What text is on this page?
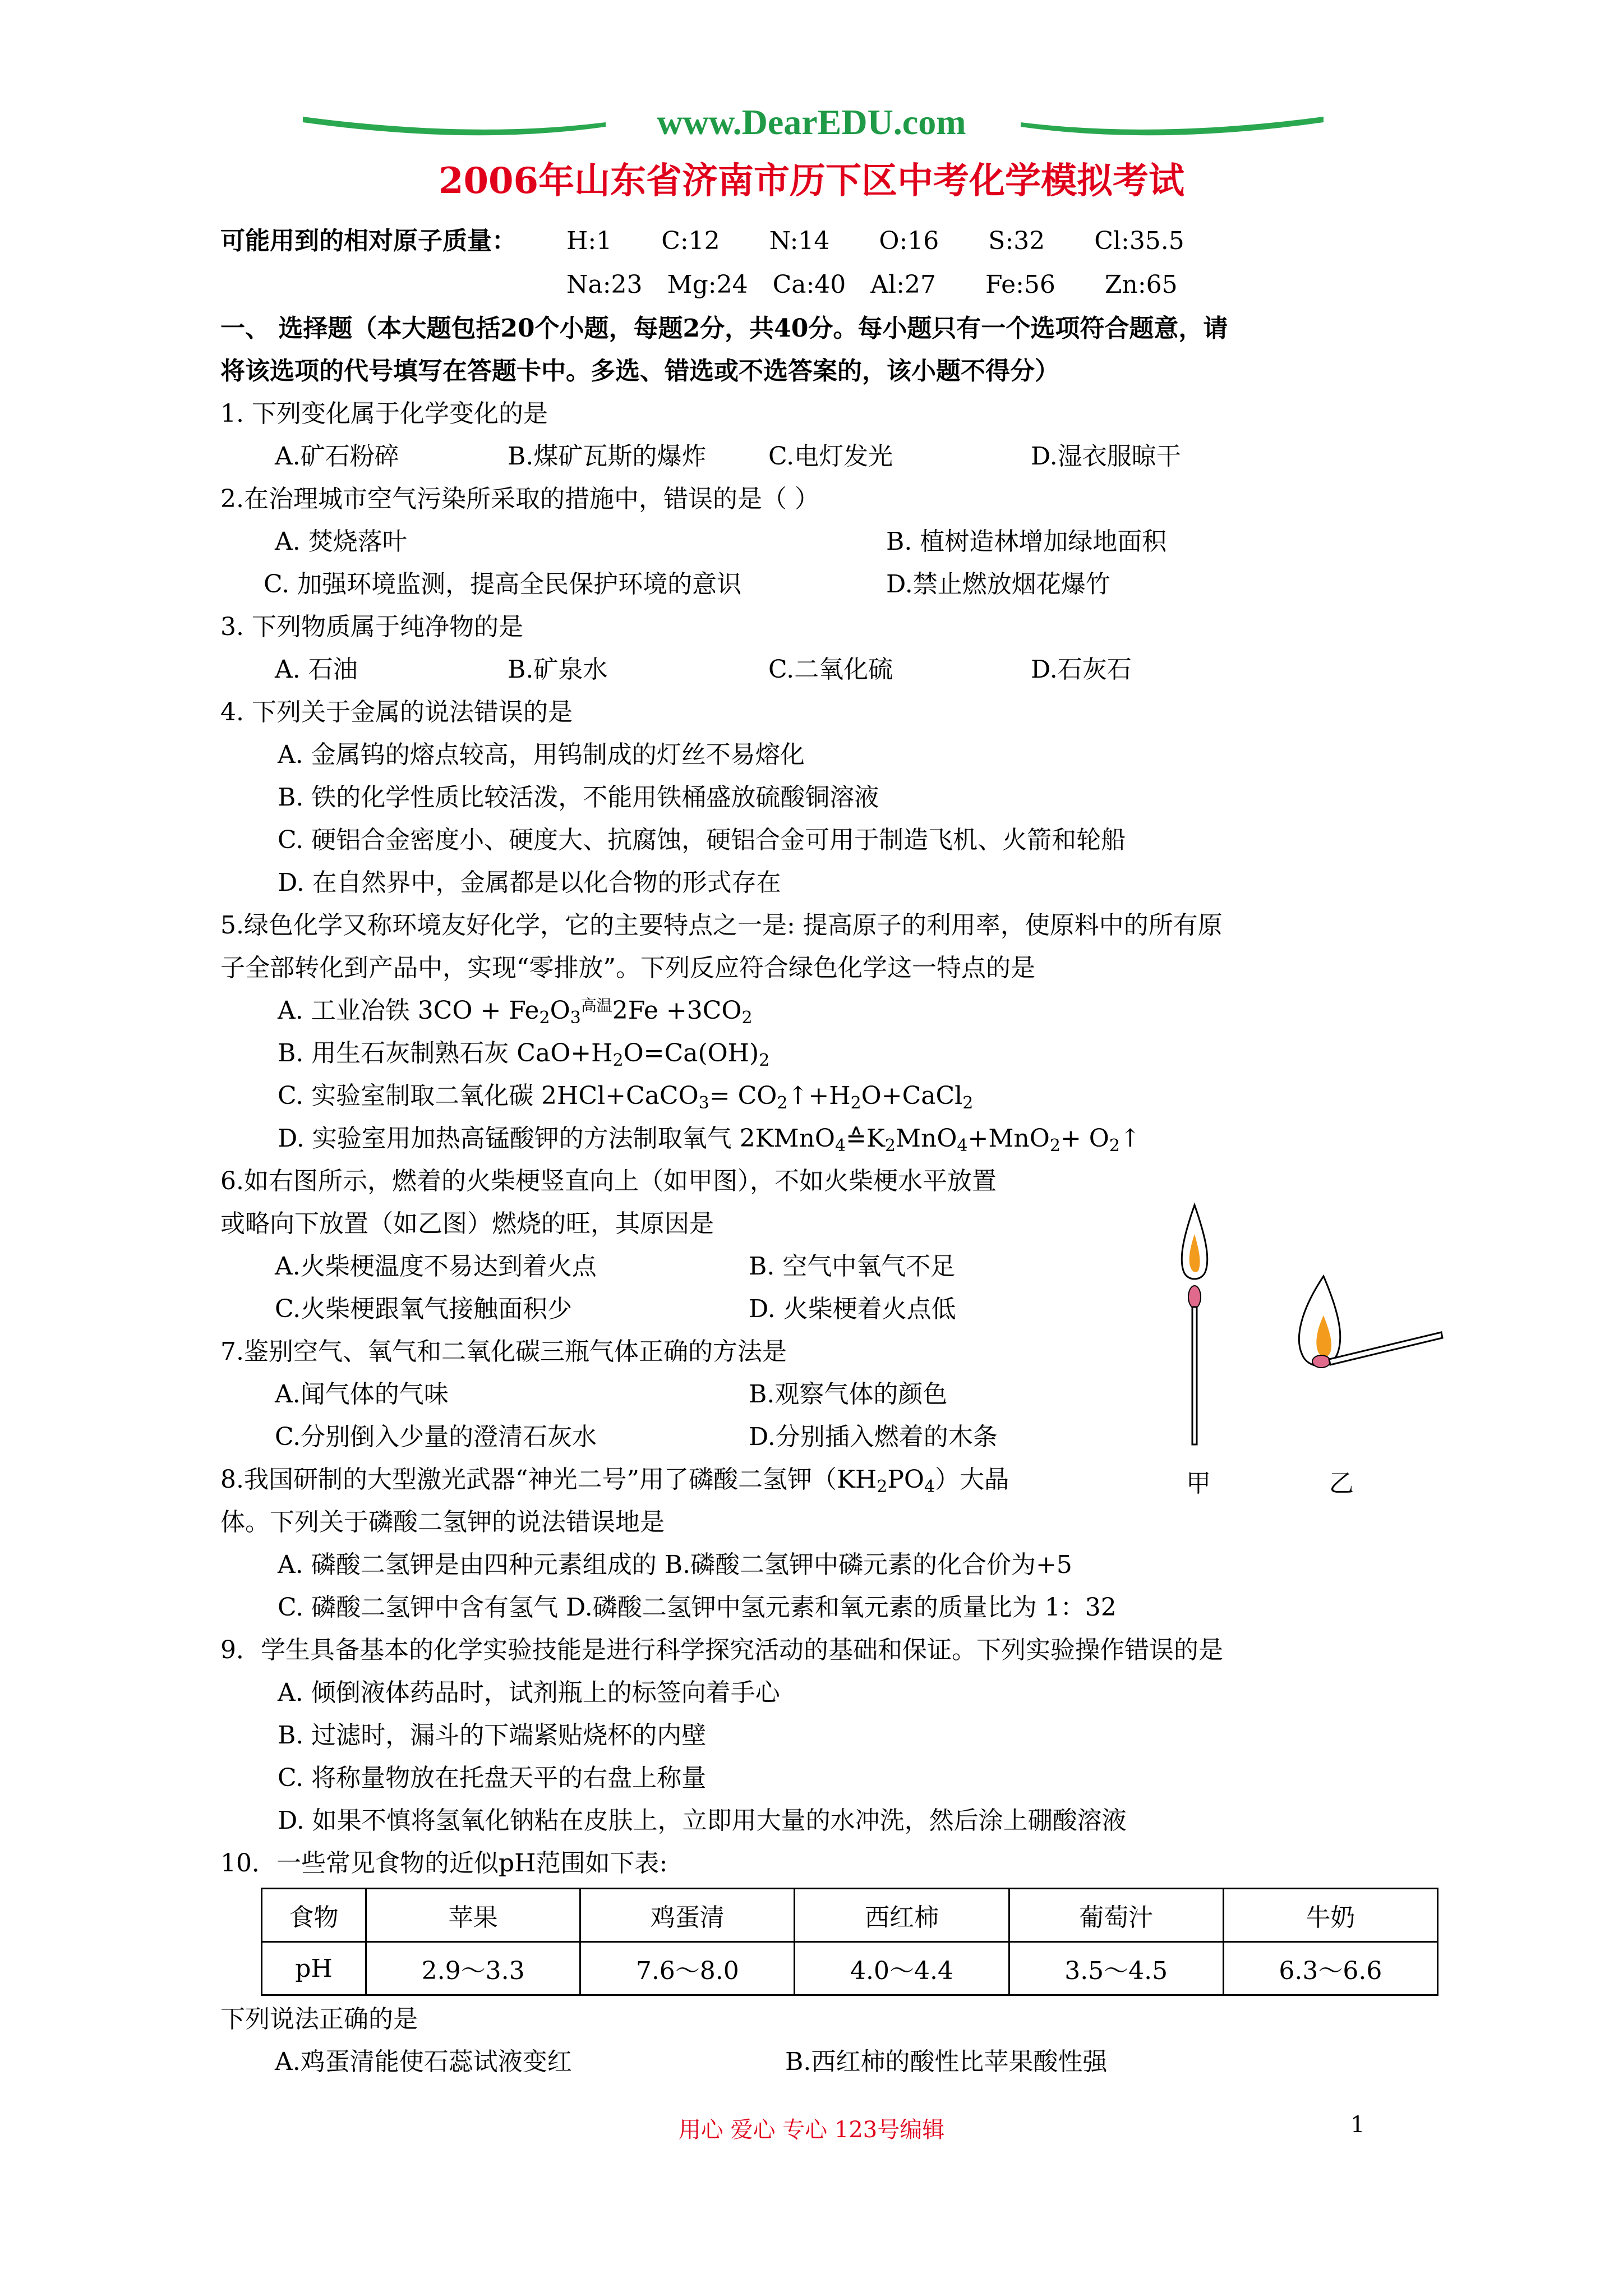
www.DearEDU.com
2006年山东省济南市历下区中考化学模拟考试
可能用到的相对原子质量： H:1　　C:12　　N:14　　O:16　　S:32　　Cl:35.5
Na:23　Mg:24　Ca:40　Al:27　　Fe:56　　Zn:65
一、 选择题（本大题包括20个小题，每题2分，共40分。每小题只有一个选项符合题意，请
将该选项的代号填写在答题卡中。多选、错选或不选答案的，该小题不得分）
1. 下列变化属于化学变化的是
A.矿石粉碎	B.煤矿瓦斯的爆炸	C.电灯发光	D.湿衣服晾干
2.在治理城市空气污染所采取的措施中，错误的是（ ）
A. 焚烧落叶	B. 植树造林增加绿地面积
C. 加强环境监测，提高全民保护环境的意识	D.禁止燃放烟花爆竹
3. 下列物质属于纯净物的是
A. 石油	B.矿泉水	C.二氧化硫	D.石灰石
4. 下列关于金属的说法错误的是
A. 金属钨的熔点较高，用钨制成的灯丝不易熔化
B. 铁的化学性质比较活泼，不能用铁桶盛放硫酸铜溶液
C. 硬铝合金密度小、硬度大、抗腐蚀，硬铝合金可用于制造飞机、火箭和轮船
D. 在自然界中，金属都是以化合物的形式存在
5.绿色化学又称环境友好化学，它的主要特点之一是: 提高原子的利用率，使原料中的所有原
子全部转化到产品中，实现“零排放”。下列反应符合绿色化学这一特点的是
A. 工业冶铁 $3CO + Fe_2O_3^{高温}2Fe +3CO_2$
B. 用生石灰制熟石灰 $CaO+H_2O=Ca(OH)_2$
C. 实验室制取二氧化碳 2HCl+CaCO$_3$= $CO_2↑+H_2O+CaCl_2$
D. 实验室用加热高锰酸钾的方法制取氧气 $2KMnO_4≙K_2MnO_4+MnO_2+$ $O_2↑$
6.如右图所示，燃着的火柴梗竖直向上（如甲图），不如火柴梗水平放置
或略向下放置（如乙图）燃烧的旺，其原因是
A.火柴梗温度不易达到着火点	B. 空气中氧气不足
C.火柴梗跟氧气接触面积少	D. 火柴梗着火点低
7.鉴别空气、氧气和二氧化碳三瓶气体正确的方法是
A.闻气体的气味	B.观察气体的颜色
C.分别倒入少量的澄清石灰水	D.分别插入燃着的木条
甲	乙
8.我国研制的大型激光武器“神光二号”用了磷酸二氢钾$(KH_2PO_4)$大晶
体。下列关于磷酸二氢钾的说法错误地是
A. 磷酸二氢钾是由四种元素组成的 B.磷酸二氢钾中磷元素的化合价为+5
C. 磷酸二氢钾中含有氢气 D.磷酸二氢钾中氢元素和氧元素的质量比为 1：32
9．学生具备基本的化学实验技能是进行科学探究活动的基础和保证。下列实验操作错误的是
A. 倾倒液体药品时，试剂瓶上的标签向着手心
B. 过滤时，漏斗的下端紧贴烧杯的内壁
C. 将称量物放在托盘天平的右盘上称量
D. 如果不慎将氢氧化钠粘在皮肤上，立即用大量的水冲洗，然后涂上硼酸溶液
10．一些常见食物的近似pH范围如下表:
食物	苹果	鸡蛋清	西红柿	葡萄汁	牛奶
pH	2.9～3.3	7.6～8.0	4.0～4.4	3.5～4.5	6.3～6.6
下列说法正确的是
A.鸡蛋清能使石蕊试液变红	B.西红柿的酸性比苹果酸性强
用心 爱心 专心 123号编辑	1
